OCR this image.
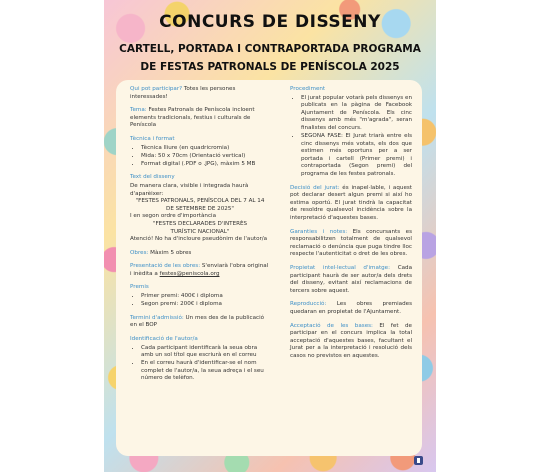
CONCURS DE DISSENY
CARTELL, PORTADA I CONTRAPORTADA PROGRAMA
DE FESTAS PATRONALS DE PENÍSCOLA 2025

Qui pot participar? Totes les persones interessades!

Tema: Festes Patronals de Peníscola incloent elements tradicionals, festius i culturals de Peníscola

Tècnica i format
• Tècnica lliure (en quadricromia)
• Mida: 50 x 70cm (Orientació vertical)
• Format digital (.PDF o .JPG), màxim 5 MB
Text del disseny
De manera clara, visible i integrada haurà d'aparèixer:
"FESTES PATRONALS, PENÍSCOLA DEL 7 AL 14
DE SETEMBRE DE 2025"
I en segon ordre d'importància
"FESTES DECLARADES D'INTERÈS
TURÍSTIC NACIONAL"

Atenció! No ha d'incloure pseudònim de l'autor/a

Obres: Màxim 5 obres

Presentació de les obres: S'enviarà l'obra original i inèdita a festes@peniscola.org

Premis
• Primer premi: 400€ i diploma
• Segon premi: 200€ i diploma

Termini d'admissió: Un mes des de la publicació en el BOP

Identificació de l'autor/a
• Cada participant identificarà la seua obra amb un sol títol que escriurà en el correu
• En el correu haurà d'identificar-se el nom complet de l'autor/a, la seua adreça i el seu número de telèfon.
Procediment
• El jurat popular votarà pels dissenys en publicats en la pàgina de Facebook Ajuntament de Peníscola. Els cinc dissenys amb més "m'agrada", seran finalistes del concurs.
• SEGONA FASE: El Jurat triarà entre els cinc dissenys més votats, els dos que estimen més oportuns per a ser portada i cartell (Primer premi) i contraportada (Segon premi) del programa de les festes patronals.

Decisió del jurat: és inapel·lable, i aquest pot declarar desert algun premi si així ho estima oportú. El jurat tindrà la capacitat de resoldre qualsevol incidència sobre la interpretació d'aquestes bases.

Garanties i notes: Els concursants es responsabilitzen totalment de qualsevol reclamació o denúncia que puga tindre lloc respecte l'autenticitat o dret de les obres.

Propietat intel·lectual d'imatge: Cada participant haurà de ser autor/a dels drets del disseny, evitant així reclamacions de tercers sobre aquest.

Reproducció: Les obres premiades quedaran en propietat de l'Ajuntament.

Acceptació de les bases: El fet de participar en el concurs implica la total acceptació d'aquestes bases, facultant el Jurat per a la interpretació i resolució dels casos no previstos en aquestes.
